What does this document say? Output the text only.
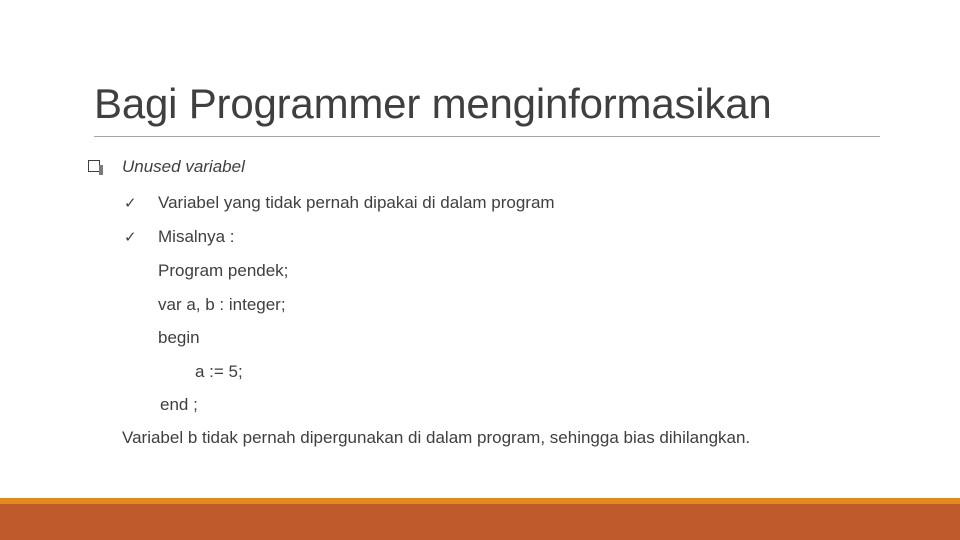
Bagi Programmer menginformasikan
Unused variabel
✓ Variabel yang tidak pernah dipakai di dalam program
✓ Misalnya :
Program pendek;
var a, b : integer;
begin
a := 5;
end ;
Variabel b tidak pernah dipergunakan di dalam program, sehingga bias dihilangkan.
